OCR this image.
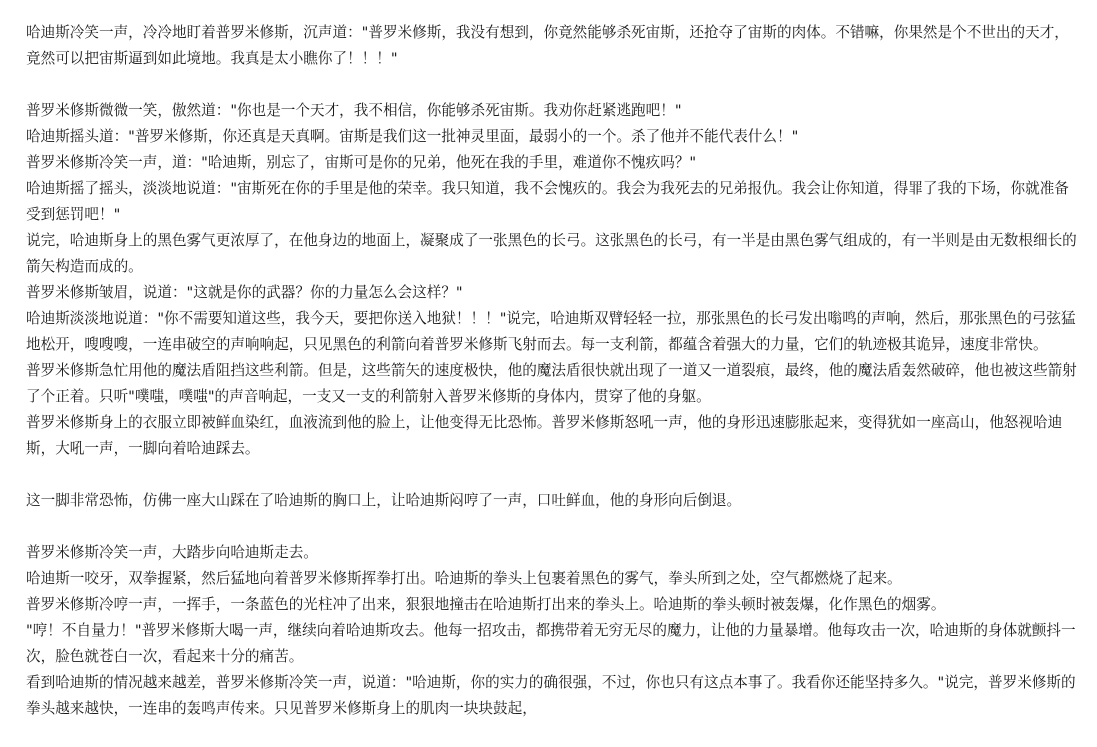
哈迪斯冷笑一声，冷冷地盯着普罗米修斯，沉声道："普罗米修斯，我没有想到，你竟然能够杀死宙斯，还抢夺了宙斯的肉体。不错嘛，你果然是个不世出的天才，竟然可以把宙斯逼到如此境地。我真是太小瞧你了！！！"

普罗米修斯微微一笑，傲然道："你也是一个天才，我不相信，你能够杀死宙斯。我劝你赶紧逃跑吧！"

哈迪斯摇头道："普罗米修斯，你还真是天真啊。宙斯是我们这一批神灵里面，最弱小的一个。杀了他并不能代表什么！"

普罗米修斯冷笑一声，道："哈迪斯，别忘了，宙斯可是你的兄弟，他死在我的手里，难道你不愧疚吗？"

哈迪斯摇了摇头，淡淡地说道："宙斯死在你的手里是他的荣幸。我只知道，我不会愧疚的。我会为我死去的兄弟报仇。我会让你知道，得罪了我的下场，你就准备受到惩罚吧！"

说完，哈迪斯身上的黑色雾气更浓厚了，在他身边的地面上，凝聚成了一张黑色的长弓。这张黑色的长弓，有一半是由黑色雾气组成的，有一半则是由无数根细长的箭矢构造而成的。

普罗米修斯皱眉，说道："这就是你的武器？你的力量怎么会这样？"

哈迪斯淡淡地说道："你不需要知道这些，我今天，要把你送入地狱！！！"说完，哈迪斯双臂轻轻一拉，那张黑色的长弓发出嗡鸣的声响，然后，那张黑色的弓弦猛地松开，嗖嗖嗖，一连串破空的声响响起，只见黑色的利箭向着普罗米修斯飞射而去。每一支利箭，都蕴含着强大的力量，它们的轨迹极其诡异，速度非常快。

普罗米修斯急忙用他的魔法盾阻挡这些利箭。但是，这些箭矢的速度极快，他的魔法盾很快就出现了一道又一道裂痕，最终，他的魔法盾轰然破碎，他也被这些箭射了个正着。只听"噗嗤，噗嗤"的声音响起，一支又一支的利箭射入普罗米修斯的身体内，贯穿了他的身躯。

普罗米修斯身上的衣服立即被鲜血染红，血液流到他的脸上，让他变得无比恐怖。普罗米修斯怒吼一声，他的身形迅速膨胀起来，变得犹如一座高山，他怒视哈迪斯，大吼一声，一脚向着哈迪踩去。

这一脚非常恐怖，仿佛一座大山踩在了哈迪斯的胸口上，让哈迪斯闷哼了一声，口吐鲜血，他的身形向后倒退。

普罗米修斯冷笑一声，大踏步向哈迪斯走去。

哈迪斯一咬牙，双拳握紧，然后猛地向着普罗米修斯挥拳打出。哈迪斯的拳头上包裹着黑色的雾气，拳头所到之处，空气都燃烧了起来。

普罗米修斯冷哼一声，一挥手，一条蓝色的光柱冲了出来，狠狠地撞击在哈迪斯打出来的拳头上。哈迪斯的拳头顿时被轰爆，化作黑色的烟雾。

"哼！不自量力！"普罗米修斯大喝一声，继续向着哈迪斯攻去。他每一招攻击，都携带着无穷无尽的魔力，让他的力量暴增。他每攻击一次，哈迪斯的身体就颤抖一次，脸色就苍白一次，看起来十分的痛苦。

看到哈迪斯的情况越来越差，普罗米修斯冷笑一声，说道："哈迪斯，你的实力的确很强，不过，你也只有这点本事了。我看你还能坚持多久。"说完，普罗米修斯的拳头越来越快，一连串的轰鸣声传来。只见普罗米修斯身上的肌肉一块块鼓起，
